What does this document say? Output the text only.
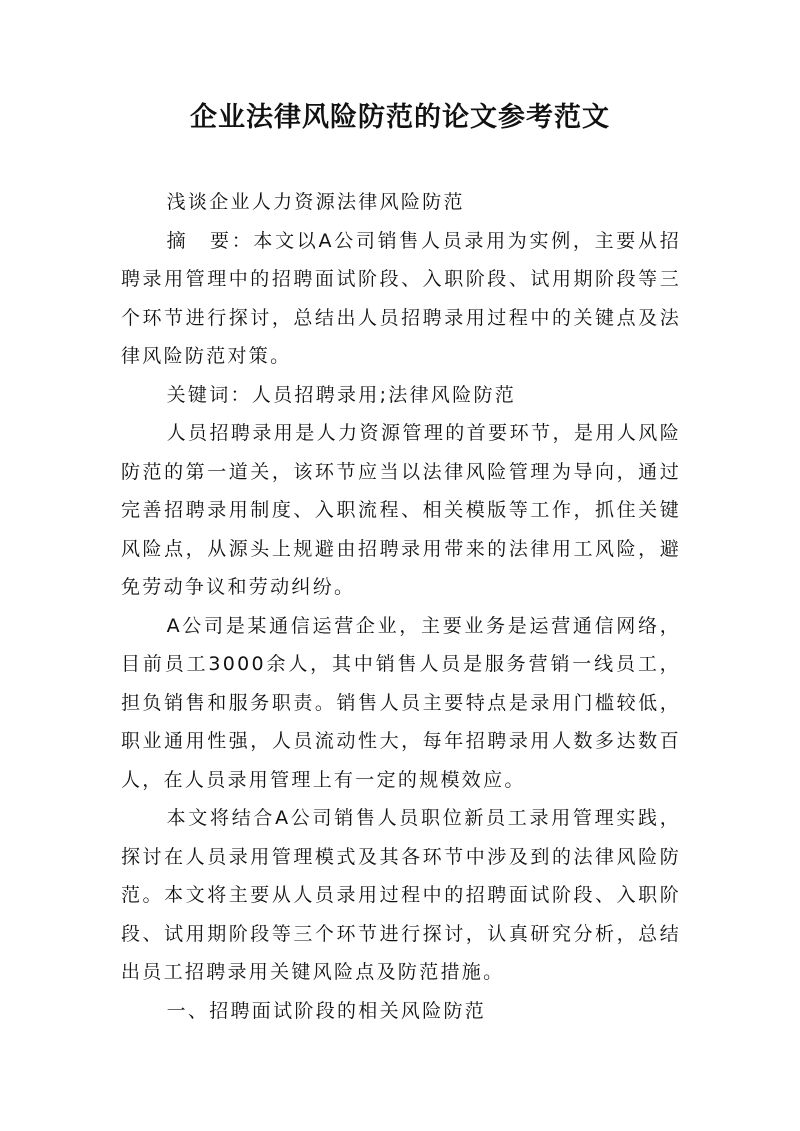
企业法律风险防范的论文参考范文

浅谈企业人力资源法律风险防范

摘　要：本文以A公司销售人员录用为实例，主要从招聘录用管理中的招聘面试阶段、入职阶段、试用期阶段等三个环节进行探讨，总结出人员招聘录用过程中的关键点及法律风险防范对策。

关键词：人员招聘录用;法律风险防范

人员招聘录用是人力资源管理的首要环节，是用人风险防范的第一道关，该环节应当以法律风险管理为导向，通过完善招聘录用制度、入职流程、相关模版等工作，抓住关键风险点，从源头上规避由招聘录用带来的法律用工风险，避免劳动争议和劳动纠纷。

A公司是某通信运营企业，主要业务是运营通信网络，目前员工3000余人，其中销售人员是服务营销一线员工，担负销售和服务职责。销售人员主要特点是录用门槛较低，职业通用性强，人员流动性大，每年招聘录用人数多达数百人，在人员录用管理上有一定的规模效应。

本文将结合A公司销售人员职位新员工录用管理实践，探讨在人员录用管理模式及其各环节中涉及到的法律风险防范。本文将主要从人员录用过程中的招聘面试阶段、入职阶段、试用期阶段等三个环节进行探讨，认真研究分析，总结出员工招聘录用关键风险点及防范措施。

一、招聘面试阶段的相关风险防范
